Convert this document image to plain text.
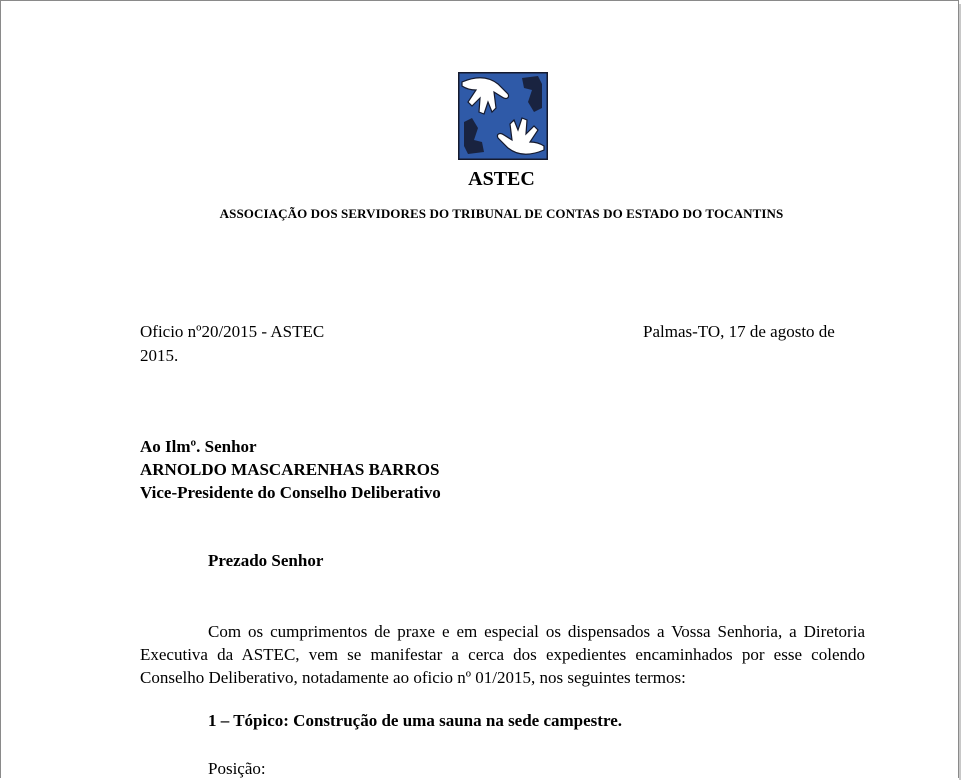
ASTEC
ASSOCIAÇÃO DOS SERVIDORES DO TRIBUNAL DE CONTAS DO ESTADO DO TOCANTINS
Oficio nº20/2015 - ASTEC	Palmas-TO, 17 de agosto de
2015.
Ao Ilmº. Senhor
ARNOLDO MASCARENHAS BARROS
Vice-Presidente do Conselho Deliberativo
Prezado Senhor
Com os cumprimentos de praxe e em especial os dispensados a Vossa Senhoria, a Diretoria Executiva da ASTEC, vem se manifestar a cerca dos expedientes encaminhados por esse colendo Conselho Deliberativo, notadamente ao oficio nº 01/2015, nos seguintes termos:
1 – Tópico: Construção de uma sauna na sede campestre.
Posição:
